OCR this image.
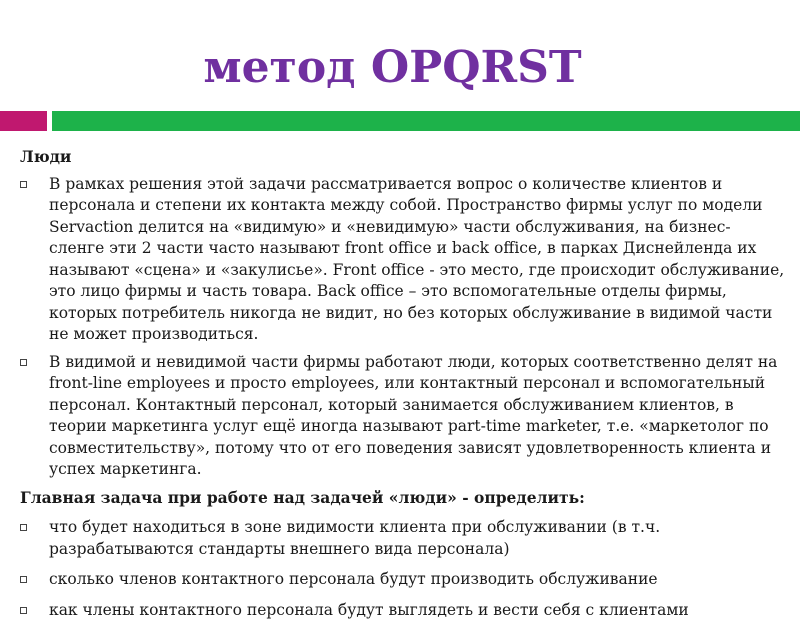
метод OPQRST
Люди
В рамках решения этой задачи рассматривается вопрос о количестве клиентов и персонала и степени их контакта между собой. Пространство фирмы услуг по модели Servaction делится на «видимую» и «невидимую» части обслуживания, на бизнес-сленге эти 2 части часто называют front office и back office, в парках Диснейленда их называют «сцена» и «закулисье». Front office - это место, где происходит обслуживание, это лицо фирмы и часть товара. Back office – это вспомогательные отделы фирмы, которых потребитель никогда не видит, но без которых обслуживание в видимой части не может производиться.
В видимой и невидимой части фирмы работают люди, которых соответственно делят на front-line employees и просто employees, или контактный персонал и вспомогательный персонал. Контактный персонал, который занимается обслуживанием клиентов, в теории маркетинга услуг ещё иногда называют part-time marketer, т.е. «маркетолог по совместительству», потому что от его поведения зависят удовлетворенность клиента и успех маркетинга.
Главная задача при работе над задачей «люди» - определить:
что будет находиться в зоне видимости клиента при обслуживании (в т.ч. разрабатываются стандарты внешнего вида персонала)
сколько членов контактного персонала будут производить обслуживание
как члены контактного персонала будут выглядеть и вести себя с клиентами
